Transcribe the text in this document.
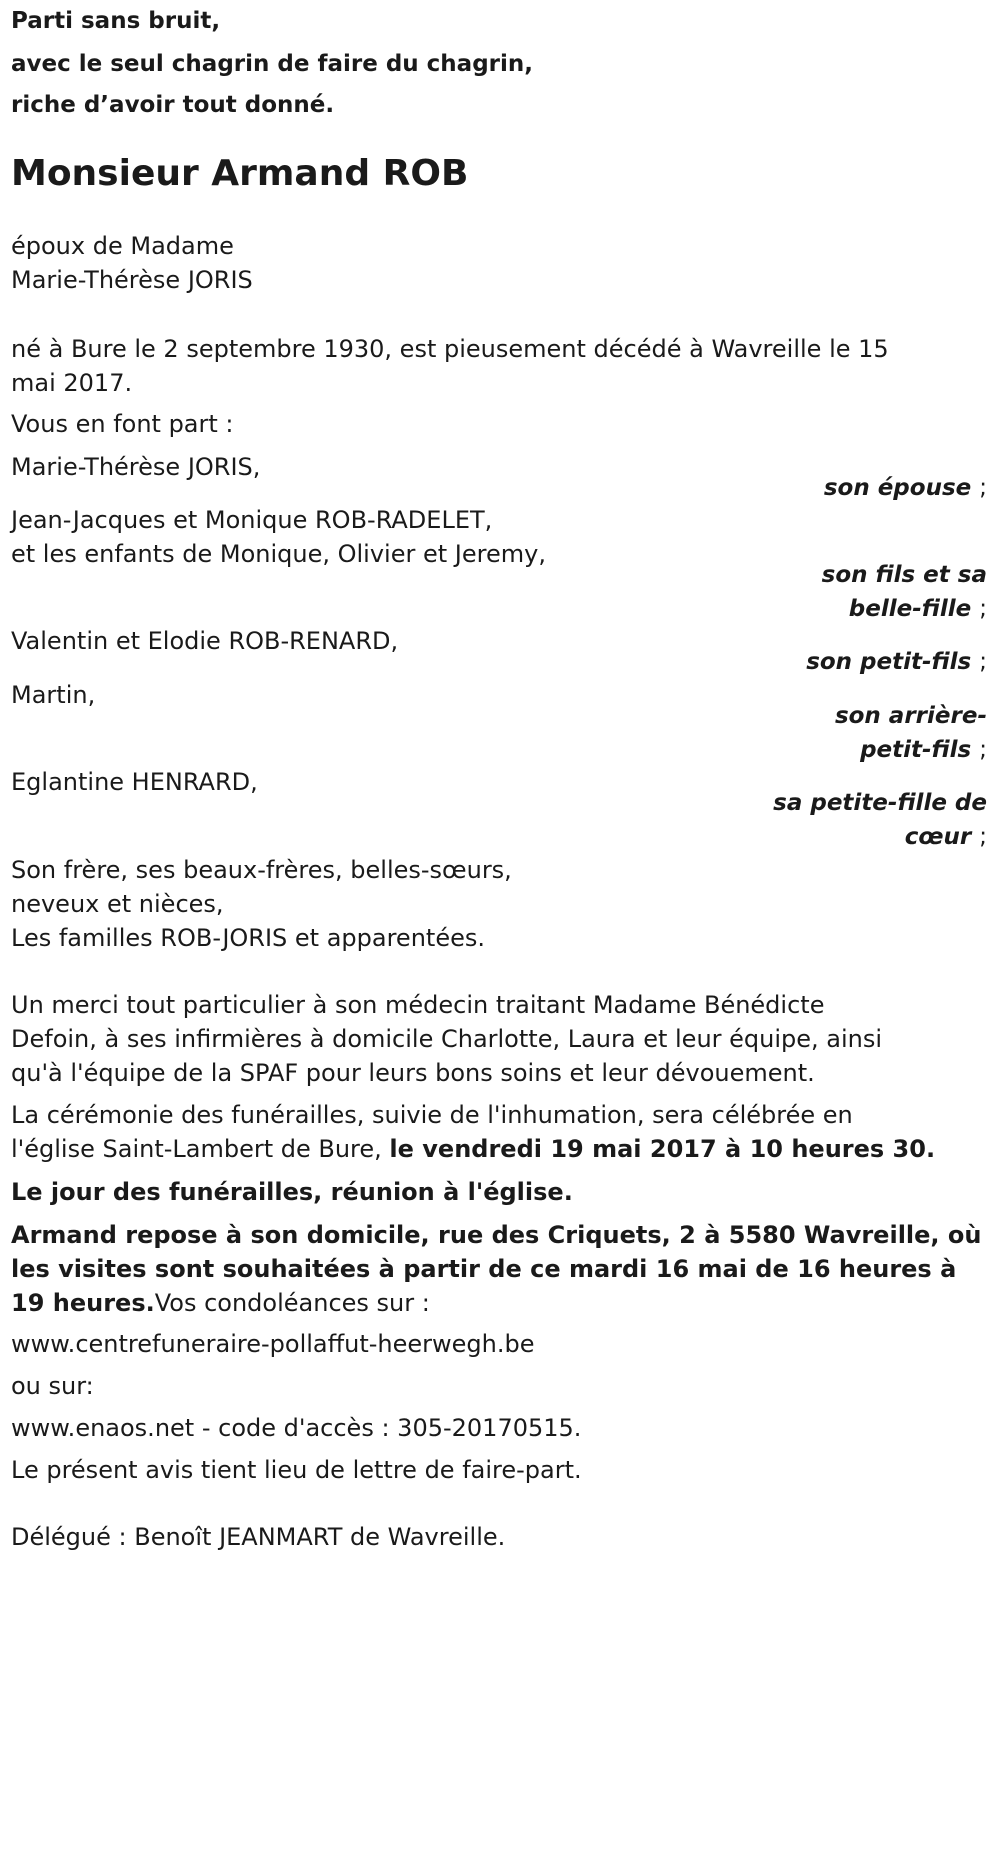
Parti sans bruit,

avec le seul chagrin de faire du chagrin,

riche d’avoir tout donné.

Monsieur Armand ROB

époux de Madame

Marie-Thérèse JORIS

né à Bure le 2 septembre 1930, est pieusement décédé à Wavreille le 15

mai 2017.

Vous en font part :

Marie-Thérèse JORIS,

son épouse ;

Jean-Jacques et Monique ROB-RADELET,

et les enfants de Monique, Olivier et Jeremy,

son fils et sa
belle-fille ;

Valentin et Elodie ROB-RENARD,

son petit-fils ;

Martin,

son arrière-
petit-fils ;

Eglantine HENRARD,

sa petite-fille de
cœur ;

Son frère, ses beaux-frères, belles-sœurs,

neveux et nièces,

Les familles ROB-JORIS et apparentées.

Un merci tout particulier à son médecin traitant Madame Bénédicte

Defoin, à ses infirmières à domicile Charlotte, Laura et leur équipe, ainsi

qu'à l'équipe de la SPAF pour leurs bons soins et leur dévouement.

La cérémonie des funérailles, suivie de l'inhumation, sera célébrée en

l'église Saint-Lambert de Bure, le vendredi 19 mai 2017 à 10 heures 30.

Le jour des funérailles, réunion à l'église.

Armand repose à son domicile, rue des Criquets, 2 à 5580 Wavreille, où

les visites sont souhaitées à partir de ce mardi 16 mai de 16 heures à

19 heures.Vos condoléances sur :

www.centrefuneraire-pollaffut-heerwegh.be

ou sur:

www.enaos.net - code d'accès : 305-20170515.

Le présent avis tient lieu de lettre de faire-part.

Délégué : Benoît JEANMART de Wavreille.
